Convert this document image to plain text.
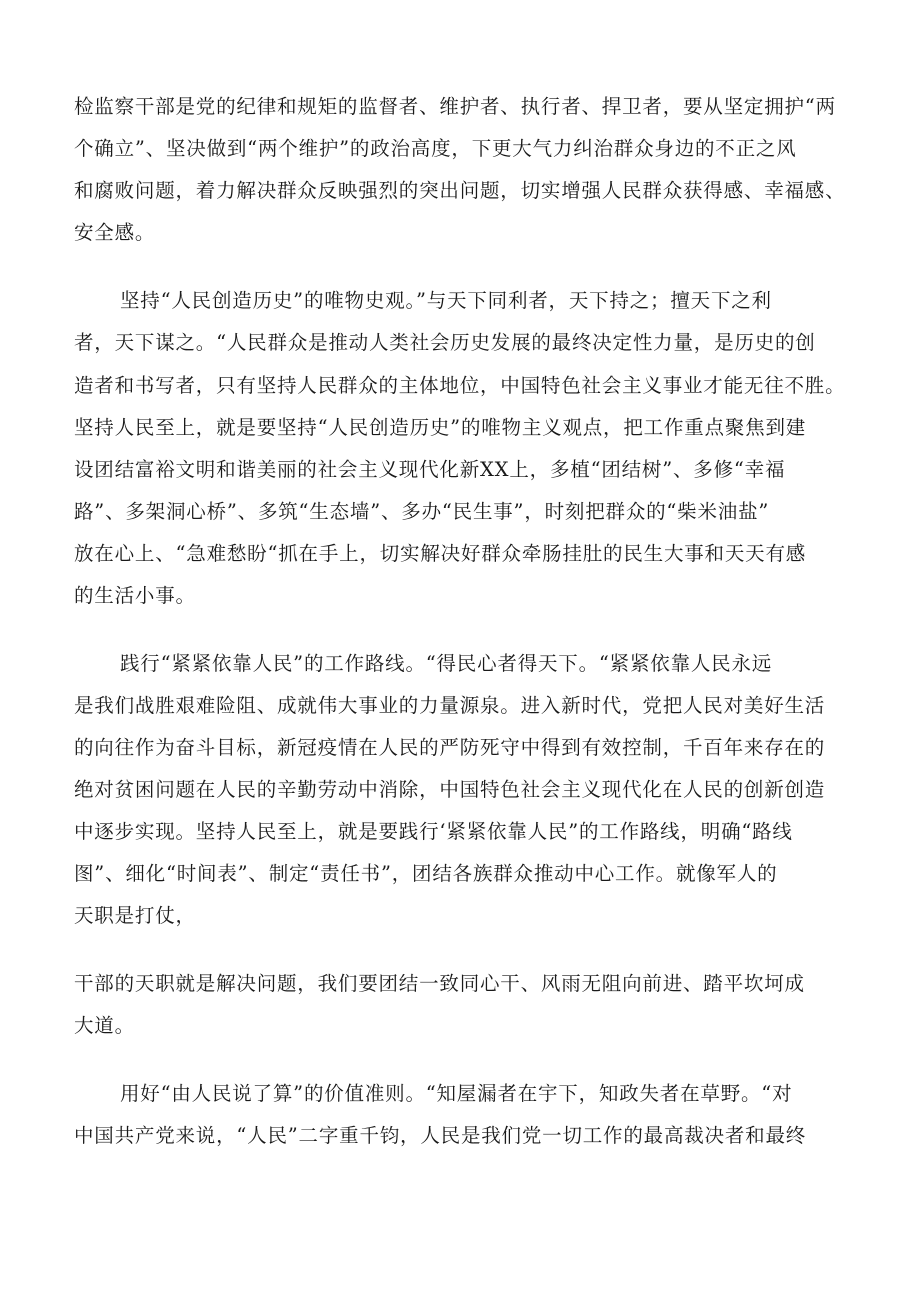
检监察干部是党的纪律和规矩的监督者、维护者、执行者、捍卫者，要从坚定拥护“两
个确立”、坚决做到“两个维护”的政治高度，下更大气力纠治群众身边的不正之风
和腐败问题，着力解决群众反映强烈的突出问题，切实增强人民群众获得感、幸福感、
安全感。
坚持“人民创造历史”的唯物史观。”与天下同利者，天下持之；擅天下之利
者，天下谋之。“人民群众是推动人类社会历史发展的最终决定性力量，是历史的创
造者和书写者，只有坚持人民群众的主体地位，中国特色社会主义事业才能无往不胜。
坚持人民至上，就是要坚持“人民创造历史”的唯物主义观点，把工作重点聚焦到建
设团结富裕文明和谐美丽的社会主义现代化新XX上，多植“团结树”、多修“幸福
路”、多架洞心桥”、多筑“生态墙”、多办“民生事”，时刻把群众的“柴米油盐”
放在心上、“急难愁盼“抓在手上，切实解决好群众牵肠挂肚的民生大事和天天有感
的生活小事。
践行“紧紧依靠人民”的工作路线。“得民心者得天下。“紧紧依靠人民永远
是我们战胜艰难险阻、成就伟大事业的力量源泉。进入新时代，党把人民对美好生活
的向往作为奋斗目标，新冠疫情在人民的严防死守中得到有效控制，千百年来存在的
绝对贫困问题在人民的辛勤劳动中消除，中国特色社会主义现代化在人民的创新创造
中逐步实现。坚持人民至上，就是要践行‘紧紧依靠人民”的工作路线，明确“路线
图”、细化“时间表”、制定“责任书”，团结各族群众推动中心工作。就像军人的
天职是打仗，
干部的天职就是解决问题，我们要团结一致同心干、风雨无阻向前进、踏平坎坷成
大道。
用好“由人民说了算”的价值准则。“知屋漏者在宇下，知政失者在草野。“对
中国共产党来说，“人民”二字重千钧，人民是我们党一切工作的最高裁决者和最终
